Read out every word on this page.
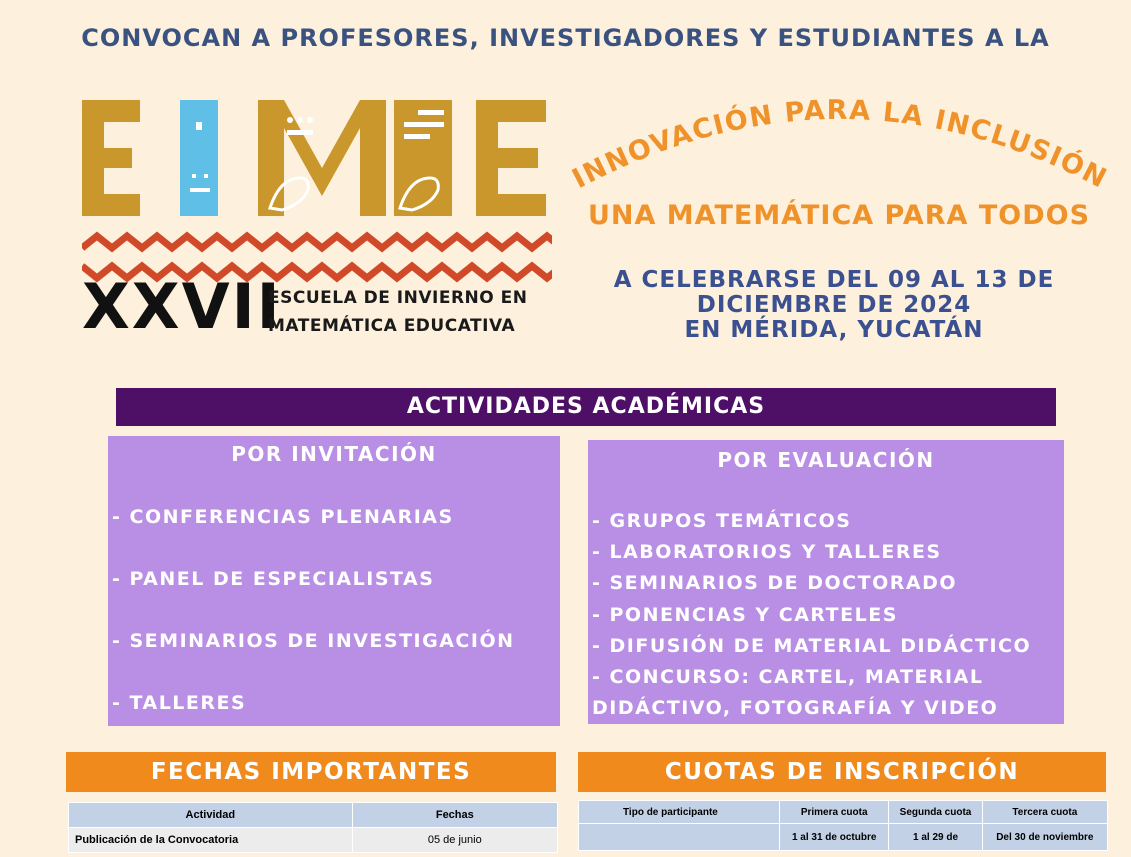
CONVOCAN A PROFESORES, INVESTIGADORES Y ESTUDIANTES A LA
XXVII
ESCUELA DE INVIERNO EN
MATEMÁTICA EDUCATIVA
INNOVACIÓN PARA LA INCLUSIÓN
UNA MATEMÁTICA PARA TODOS
A CELEBRARSE DEL 09 AL 13 DE
DICIEMBRE DE 2024
EN MÉRIDA, YUCATÁN
ACTIVIDADES ACADÉMICAS
POR INVITACIÓN
- CONFERENCIAS PLENARIAS
- PANEL DE ESPECIALISTAS
- SEMINARIOS DE INVESTIGACIÓN
- TALLERES
POR EVALUACIÓN
- GRUPOS TEMÁTICOS
- LABORATORIOS Y TALLERES
- SEMINARIOS DE DOCTORADO
- PONENCIAS Y CARTELES
- DIFUSIÓN DE MATERIAL DIDÁCTICO
- CONCURSO: CARTEL, MATERIAL
DIDÁCTIVO, FOTOGRAFÍA Y VIDEO
FECHAS IMPORTANTES	CUOTAS DE INSCRIPCIÓN
Actividad	Fechas
Publicación de la Convocatoria	05 de junio
Tipo de participante	Primera cuota	Segunda cuota	Tercera cuota
	1 al 31 de octubre	1 al 29 de	Del 30 de noviembre
